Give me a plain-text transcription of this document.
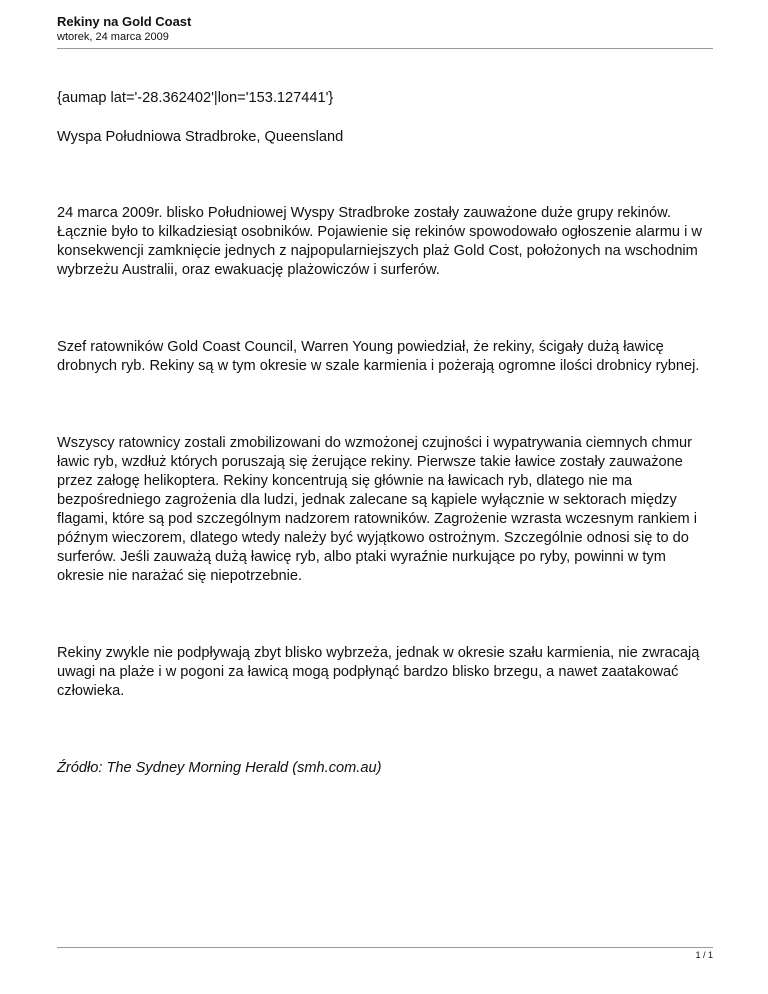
Rekiny na Gold Coast

wtorek, 24 marca 2009

{aumap lat='-28.362402'|lon='153.127441'}

Wyspa Południowa Stradbroke, Queensland

24 marca 2009r. blisko Południowej Wyspy Stradbroke zostały zauważone duże grupy rekinów. Łącznie było to kilkadziesiąt osobników. Pojawienie się rekinów spowodowało ogłoszenie alarmu i w konsekwencji zamknięcie jednych z najpopularniejszych plaż Gold Cost, położonych na wschodnim wybrzeżu Australii, oraz ewakuację plażowiczów i surferów.

Szef ratowników Gold Coast Council, Warren Young powiedział, że rekiny, ścigały dużą ławicę drobnych ryb. Rekiny są w tym okresie w szale karmienia i pożerają ogromne ilości drobnicy rybnej.

Wszyscy ratownicy zostali zmobilizowani do wzmożonej czujności i wypatrywania ciemnych chmur ławic ryb, wzdłuż których poruszają się żerujące rekiny. Pierwsze takie ławice zostały zauważone przez załogę helikoptera. Rekiny koncentrują się głównie na ławicach ryb, dlatego nie ma bezpośredniego zagrożenia dla ludzi, jednak zalecane są kąpiele wyłącznie w sektorach między flagami, które są pod szczególnym nadzorem ratowników. Zagrożenie wzrasta wczesnym rankiem i późnym wieczorem, dlatego wtedy należy być wyjątkowo ostrożnym. Szczególnie odnosi się to do surferów. Jeśli zauważą dużą ławicę ryb, albo ptaki wyraźnie nurkujące po ryby, powinni w tym okresie nie narażać się niepotrzebnie.

Rekiny zwykle nie podpływają zbyt blisko wybrzeża, jednak w okresie szału karmienia, nie zwracają uwagi na plaże i w pogoni za ławicą mogą podpłynąć bardzo blisko brzegu, a nawet zaatakować człowieka.

Źródło: The Sydney Morning Herald (smh.com.au)

1 / 1
